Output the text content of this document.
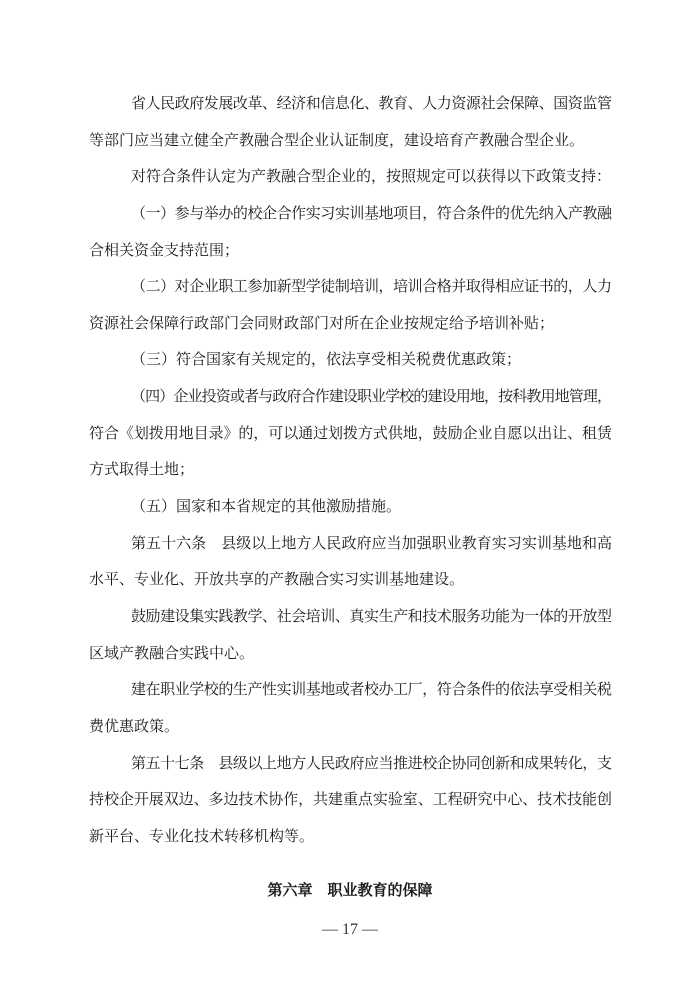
省人民政府发展改革、经济和信息化、教育、人力资源社会保障、国资监管
等部门应当建立健全产教融合型企业认证制度，建设培育产教融合型企业。
对符合条件认定为产教融合型企业的，按照规定可以获得以下政策支持：
（一）参与举办的校企合作实习实训基地项目，符合条件的优先纳入产教融
合相关资金支持范围；
（二）对企业职工参加新型学徒制培训，培训合格并取得相应证书的，人力
资源社会保障行政部门会同财政部门对所在企业按规定给予培训补贴；
（三）符合国家有关规定的，依法享受相关税费优惠政策；
（四）企业投资或者与政府合作建设职业学校的建设用地，按科教用地管理，
符合《划拨用地目录》的，可以通过划拨方式供地，鼓励企业自愿以出让、租赁
方式取得土地；
（五）国家和本省规定的其他激励措施。
第五十六条　县级以上地方人民政府应当加强职业教育实习实训基地和高
水平、专业化、开放共享的产教融合实习实训基地建设。
鼓励建设集实践教学、社会培训、真实生产和技术服务功能为一体的开放型
区域产教融合实践中心。
建在职业学校的生产性实训基地或者校办工厂，符合条件的依法享受相关税
费优惠政策。
第五十七条　县级以上地方人民政府应当推进校企协同创新和成果转化，支
持校企开展双边、多边技术协作，共建重点实验室、工程研究中心、技术技能创
新平台、专业化技术转移机构等。
第六章　职业教育的保障
— 17 —
